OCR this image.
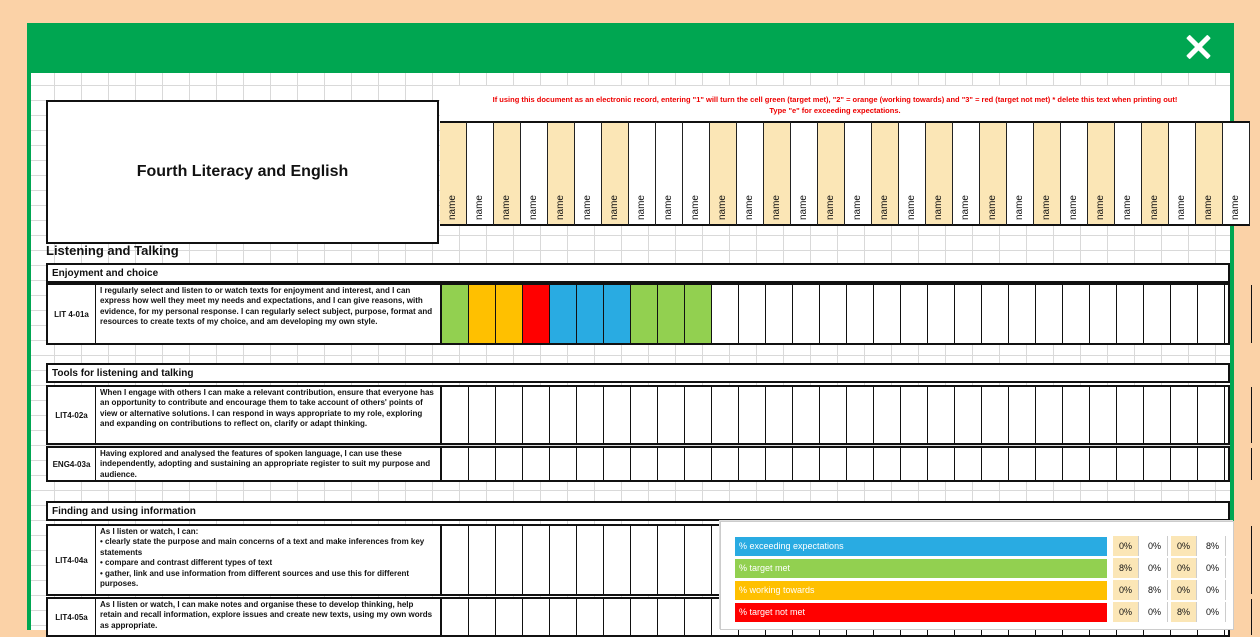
Fourth Literacy and English
If using this document as an electronic record, entering "1" will turn the cell green (target met), "2" = orange (working towards) and "3" = red (target not met) * delete this text when printing out!
Type "e" for exceeding expectations.
name name name name name name name name name name name name name name name name name name name name name name name name name name name name name name
Listening and Talking
Enjoyment and choice
LIT 4-01a
I regularly select and listen to or watch texts for enjoyment and interest, and I can express how well they meet my needs and expectations, and I can give reasons, with evidence, for my personal response. I can regularly select subject, purpose, format and resources to create texts of my choice, and am developing my own style.
Tools for listening and talking
LIT4-02a
When I engage with others I can make a relevant contribution, ensure that everyone has an opportunity to contribute and encourage them to take account of others' points of view or alternative solutions. I can respond in ways appropriate to my role, exploring and expanding on contributions to reflect on, clarify or adapt thinking.
ENG4-03a
Having explored and analysed the features of spoken language, I can use these independently, adopting and sustaining an appropriate register to suit my purpose and audience.
Finding and using information
LIT4-04a
As I listen or watch, I can:
• clearly state the purpose and main concerns of a text and make inferences from key statements
• compare and contrast different types of text
• gather, link and use information from different sources and use this for different purposes.
LIT4-05a
As I listen or watch, I can make notes and organise these to develop thinking, help retain and recall information, explore issues and create new texts, using my own words as appropriate.
% exceeding expectations	0%	0%	0%	8%
% target met	8%	0%	0%	0%
% working towards	0%	8%	0%	0%
% target not met	0%	0%	8%	0%
